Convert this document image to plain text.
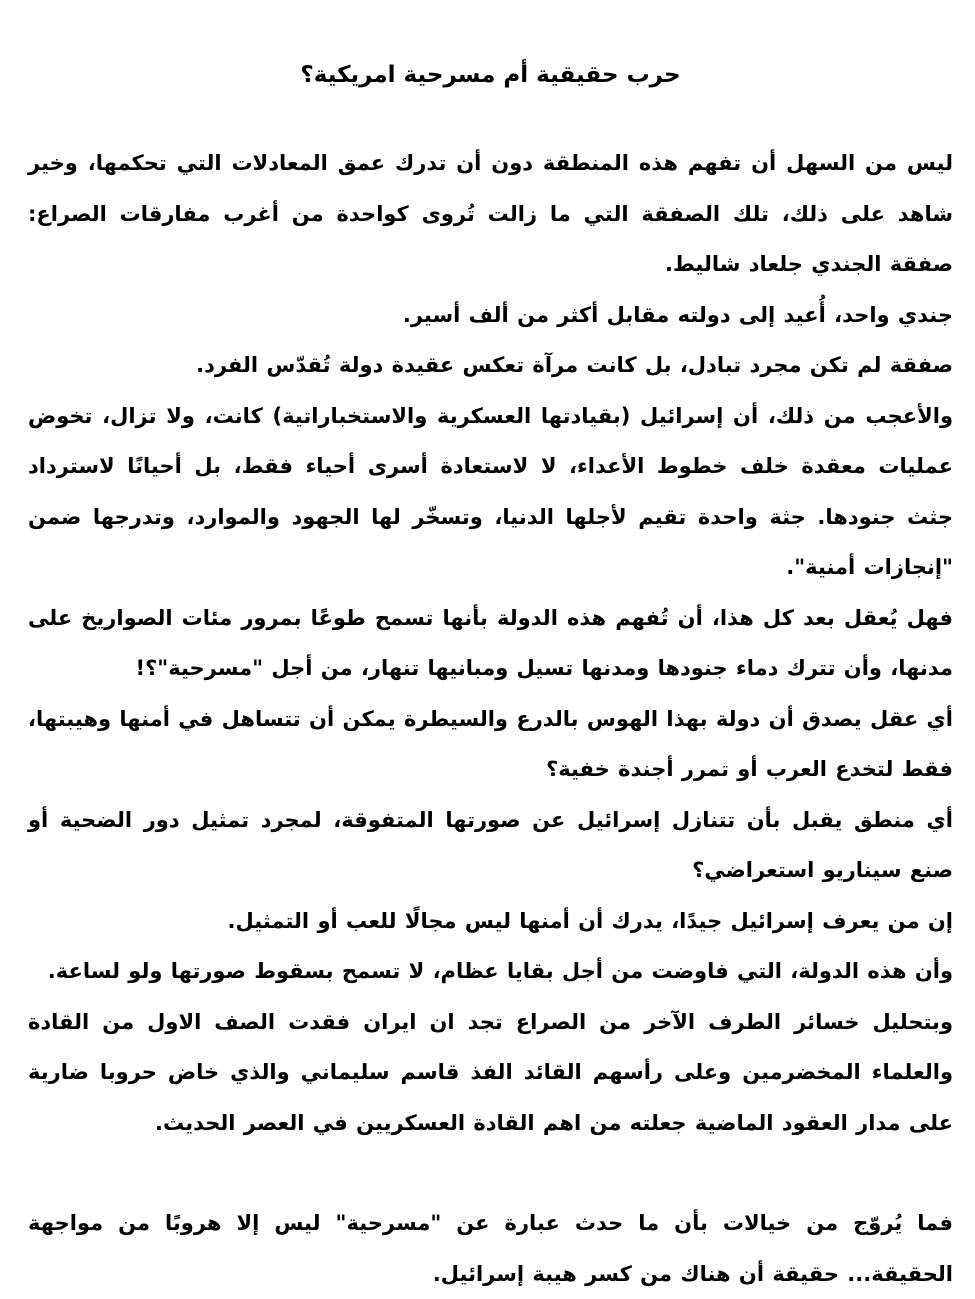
حرب حقيقية أم مسرحية امريكية؟

ليس من السهل أن تفهم هذه المنطقة دون أن تدرك عمق المعادلات التي تحكمها، وخير شاهد على ذلك، تلك الصفقة التي ما زالت تُروى كواحدة من أغرب مفارقات الصراع: صفقة الجندي جلعاد شاليط.

جندي واحد، أُعيد إلى دولته مقابل أكثر من ألف أسير.

صفقة لم تكن مجرد تبادل، بل كانت مرآة تعكس عقيدة دولة تُقدّس الفرد.

والأعجب من ذلك، أن إسرائيل (بقيادتها العسكرية والاستخباراتية) كانت، ولا تزال، تخوض عمليات معقدة خلف خطوط الأعداء، لا لاستعادة أسرى أحياء فقط، بل أحيانًا لاسترداد جثث جنودها. جثة واحدة تقيم لأجلها الدنيا، وتسخّر لها الجهود والموارد، وتدرجها ضمن "إنجازات أمنية".

فهل يُعقل بعد كل هذا، أن تُفهم هذه الدولة بأنها تسمح طوعًا بمرور مئات الصواريخ على مدنها، وأن تترك دماء جنودها ومدنها تسيل ومبانيها تنهار، من أجل "مسرحية"؟!

أي عقل يصدق أن دولة بهذا الهوس بالدرع والسيطرة يمكن أن تتساهل في أمنها وهيبتها، فقط لتخدع العرب أو تمرر أجندة خفية؟

أي منطق يقبل بأن تتنازل إسرائيل عن صورتها المتفوقة، لمجرد تمثيل دور الضحية أو صنع سيناريو استعراضي؟

إن من يعرف إسرائيل جيدًا، يدرك أن أمنها ليس مجالًا للعب أو التمثيل.

وأن هذه الدولة، التي فاوضت من أجل بقايا عظام، لا تسمح بسقوط صورتها ولو لساعة.

وبتحليل خسائر الطرف الآخر من الصراع تجد ان ايران فقدت الصف الاول من القادة والعلماء المخضرمين وعلى رأسهم القائد الفذ قاسم سليماني والذي خاض حروبا ضارية على مدار العقود الماضية جعلته من اهم القادة العسكريين في العصر الحديث.

فما يُروّج من خيالات بأن ما حدث عبارة عن "مسرحية" ليس إلا هروبًا من مواجهة الحقيقة... حقيقة أن هناك من كسر هيبة إسرائيل.
